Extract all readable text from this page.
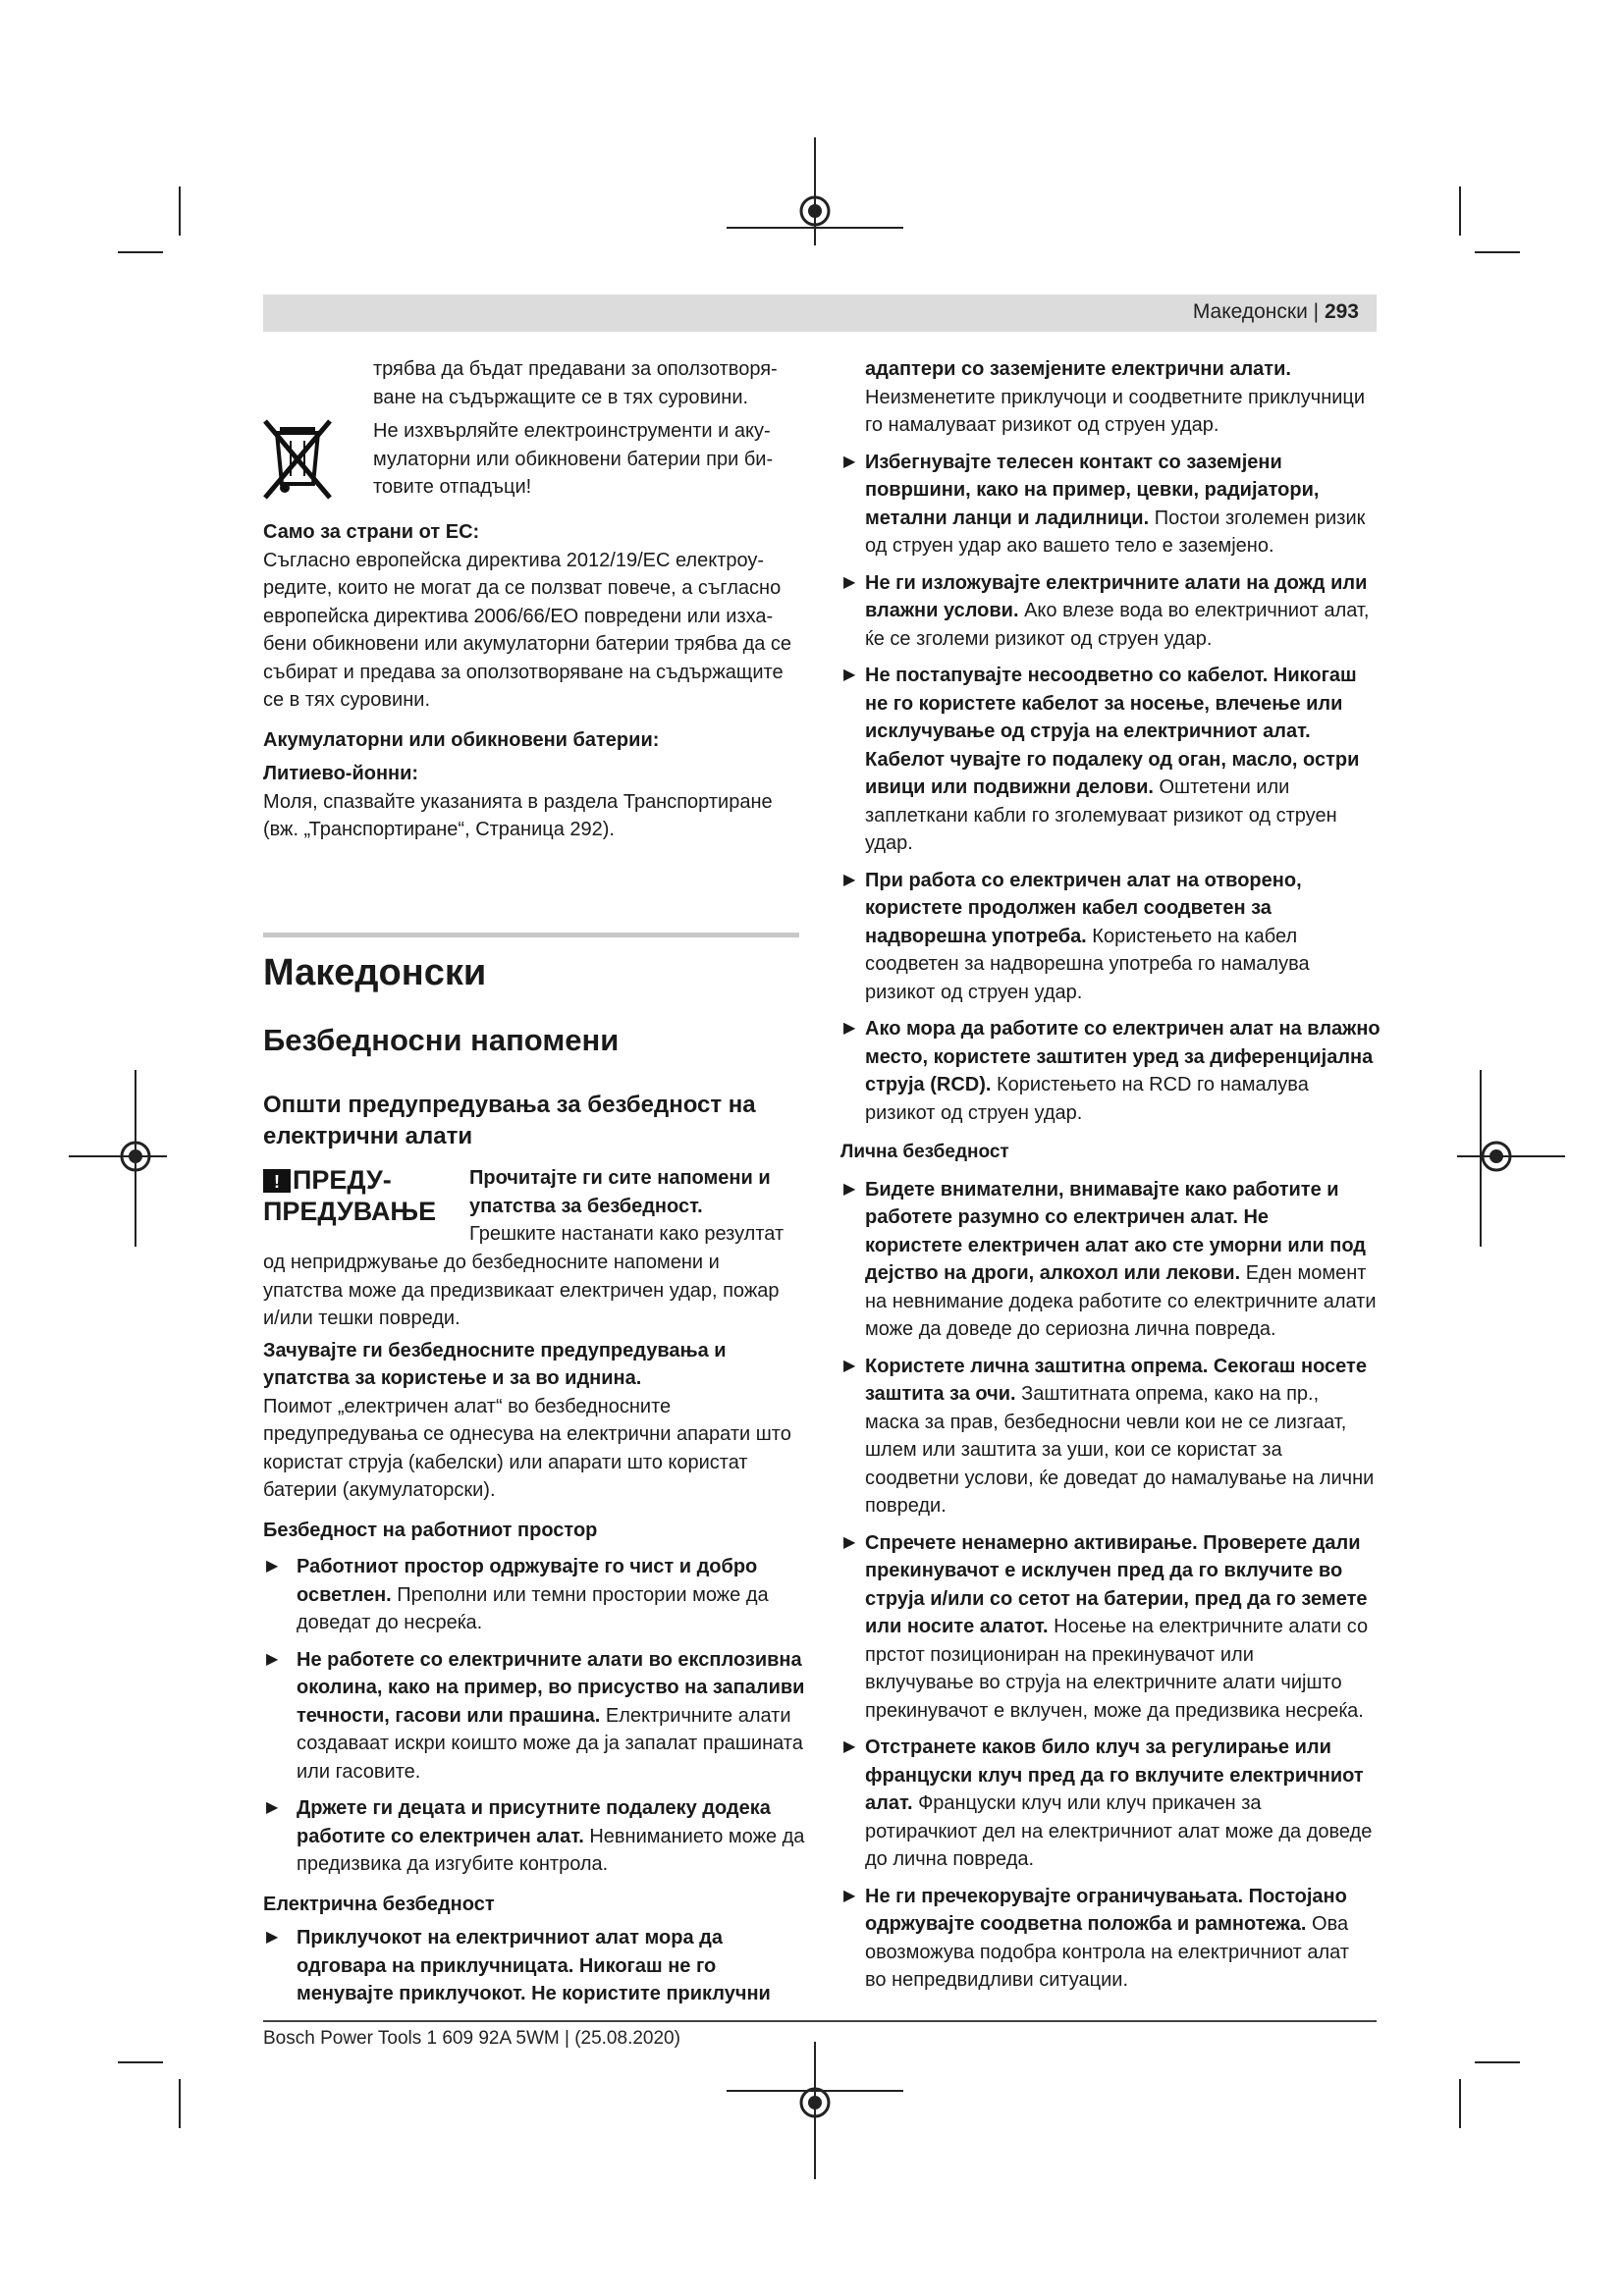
Македонски | 293

трябва да бъдат предавани за оползотворя-

ване на съдържащите се в тях суровини.

Не изхвърляйте електроинструменти и аку-

мулаторни или обикновени батерии при би-

товите отпадъци!

Само за страни от ЕС:

Съгласно европейска директива 2012/19/ЕС електроу-

редите, които не могат да се ползват повече, а съгласно

европейска директива 2006/66/EO повредени или изха-

бени обикновени или акумулаторни батерии трябва да се

събират и предава за оползотворяване на съдържащите

се в тях суровини.

Акумулаторни или обикновени батерии:

Литиево-йонни:

Моля, спазвайте указанията в раздела Транспортиране

(вж. „Транспортиране“, Страница 292).

Македонски

Безбедносни напомени

Општи предупредувања за безбедност на

електрични алати

! ПРЕДУ-
ПРЕДУВАЊЕ

Прочитајте ги сите напомени и

упатства за безбедност.

Грешките настанати како резултат

од непридржување до безбедносните напомени и

упатства може да предизвикаат електричен удар, пожар

и/или тешки повреди.

Зачувајте ги безбедносните предупредувања и

упатства за користење и за во иднина.

Поимот „електричен алат“ во безбедносните

предупредувања се однесува на електрични апарати што

користат струја (кабелски) или апарати што користат

батерии (акумулаторски).

Безбедност на работниот простор

▶ Работниот простор одржувајте го чист и добро

осветлен. Преполни или темни простории може да

доведат до несреќа.

▶ Не работете со електричните алати во експлозивна

околина, како на пример, во присуство на запаливи

течности, гасови или прашина. Електричните алати

создаваат искри коишто може да ја запалат прашината

или гасовите.

▶ Држете ги децата и присутните подалеку додека

работите со електричен алат. Невниманието може да

предизвика да изгубите контрола.

Електрична безбедност

▶ Приклучокот на електричниот алат мора да

одговара на приклучницата. Никогаш не го

менувајте приклучокот. Не користите приклучни

адаптери со заземјените електрични алати.

Неизменетите приклучоци и соодветните приклучници

го намалуваат ризикот од струен удар.

▶ Избегнувајте телесен контакт со заземјени

површини, како на пример, цевки, радијатори,

метални ланци и ладилници. Постои зголемен ризик

од струен удар ако вашето тело е заземјено.

▶ Не ги изложувајте електричните алати на дожд или

влажни услови. Ако влезе вода во електричниот алат,

ќе се зголеми ризикот од струен удар.

▶ Не постапувајте несоодветно со кабелот. Никогаш

не го користете кабелот за носење, влечење или

исклучување од струја на електричниот алат.

Кабелот чувајте го подалеку од оган, масло, остри

ивици или подвижни делови. Оштетени или

заплеткани кабли го зголемуваат ризикот од струен

удар.

▶ При работа со електричен алат на отворено,

користете продолжен кабел соодветен за

надворешна употреба. Користењето на кабел

соодветен за надворешна употреба го намалува

ризикот од струен удар.

▶ Ако мора да работите со електричен алат на влажно

место, користете заштитен уред за диференцијална

струја (RCD). Користењето на RCD го намалува

ризикот од струен удар.

Лична безбедност

▶ Бидете внимателни, внимавајте како работите и

работете разумно со електричен алат. Не

користете електричен алат ако сте уморни или под

дејство на дроги, алкохол или лекови. Еден момент

на невнимание додека работите со електричните алати

може да доведе до сериозна лична повреда.

▶ Користете лична заштитна опрема. Секогаш носете

заштита за очи. Заштитната опрема, како на пр.,

маска за прав, безбедносни чевли кои не се лизгаат,

шлем или заштита за уши, кои се користат за

соодветни услови, ќе доведат до намалување на лични

повреди.

▶ Спречете ненамерно активирање. Проверете дали

прекинувачот е исклучен пред да го вклучите во

струја и/или со сетот на батерии, пред да го земете

или носите алатот. Носење на електричните алати со

прстот позициониран на прекинувачот или

вклучување во струја на електричните алати чијшто

прекинувачот е вклучен, може да предизвика несреќа.

▶ Отстранете каков било клуч за регулирање или

француски клуч пред да го вклучите електричниот

алат. Француски клуч или клуч прикачен за

ротирачкиот дел на електричниот алат може да доведе

до лична повреда.

▶ Не ги пречекорувајте ограничувањата. Постојано

одржувајте соодветна положба и рамнотежа. Ова

овозможува подобра контрола на електричниот алат

во непредвидливи ситуации.

Bosch Power Tools 1 609 92A 5WM | (25.08.2020)
